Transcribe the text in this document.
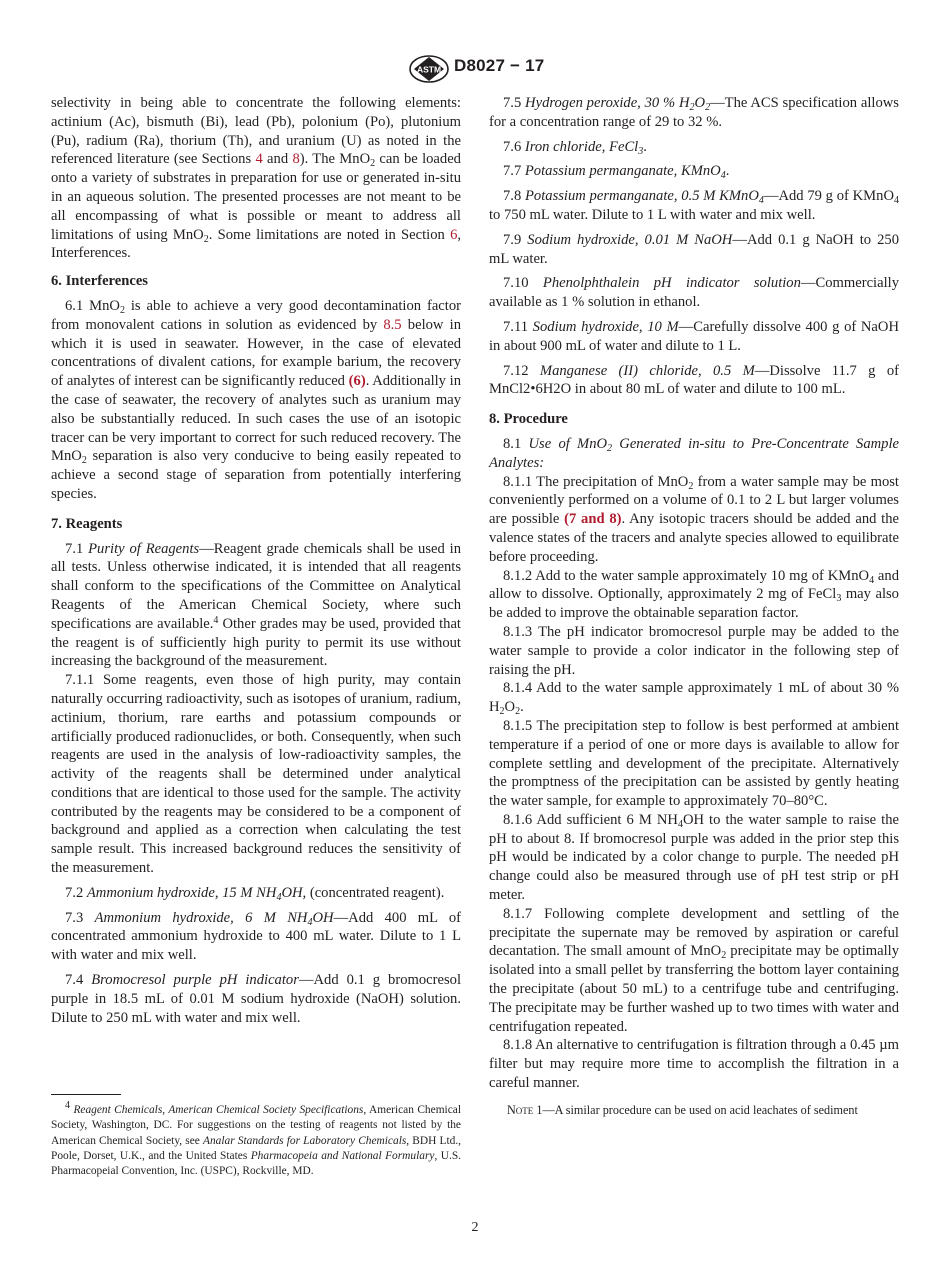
ASTM D8027 − 17

selectivity in being able to concentrate the following elements: actinium (Ac), bismuth (Bi), lead (Pb), polonium (Po), plutonium (Pu), radium (Ra), thorium (Th), and uranium (U) as noted in the referenced literature (see Sections 4 and 8). The MnO$_2$ can be loaded onto a variety of substrates in preparation for use or generated in-situ in an aqueous solution. The presented processes are not meant to be all encompassing of what is possible or meant to address all limitations of using MnO$_2$. Some limitations are noted in Section 6, Interferences.

6. Interferences

6.1 MnO$_2$ is able to achieve a very good decontamination factor from monovalent cations in solution as evidenced by 8.5 below in which it is used in seawater. However, in the case of elevated concentrations of divalent cations, for example barium, the recovery of analytes of interest can be significantly reduced (6). Additionally in the case of seawater, the recovery of analytes such as uranium may also be substantially reduced. In such cases the use of an isotopic tracer can be very important to correct for such reduced recovery. The MnO$_2$ separation is also very conducive to being easily repeated to achieve a second stage of separation from potentially interfering species.

7. Reagents

7.1 Purity of Reagents—Reagent grade chemicals shall be used in all tests. Unless otherwise indicated, it is intended that all reagents shall conform to the specifications of the Committee on Analytical Reagents of the American Chemical Society, where such specifications are available.$^4$ Other grades may be used, provided that the reagent is of sufficiently high purity to permit its use without increasing the background of the measurement.

7.1.1 Some reagents, even those of high purity, may contain naturally occurring radioactivity, such as isotopes of uranium, radium, actinium, thorium, rare earths and potassium compounds or artificially produced radionuclides, or both. Consequently, when such reagents are used in the analysis of low-radioactivity samples, the activity of the reagents shall be determined under analytical conditions that are identical to those used for the sample. The activity contributed by the reagents may be considered to be a component of background and applied as a correction when calculating the test sample result. This increased background reduces the sensitivity of the measurement.

7.2 Ammonium hydroxide, 15 M $NH_4OH$, (concentrated reagent).

7.3 Ammonium hydroxide, 6 M $NH_4OH—Add$ 400 mL of concentrated ammonium hydroxide to 400 mL water. Dilute to 1 L with water and mix well.

7.4 Bromocresol purple pH indicator—Add 0.1 g bromocresol purple in 18.5 mL of 0.01 M sodium hydroxide (NaOH) solution. Dilute to 250 mL with water and mix well.

$^4$ Reagent Chemicals, American Chemical Society Specifications, American Chemical Society, Washington, DC. For suggestions on the testing of reagents not listed by the American Chemical Society, see Analar Standards for Laboratory Chemicals, BDH Ltd., Poole, Dorset, U.K., and the United States Pharmacopeia and National Formulary, U.S. Pharmacopeial Convention, Inc. (USPC), Rockville, MD.

7.5 Hydrogen peroxide, 30 % $H_2O_2—The$ ACS specification allows for a concentration range of 29 to 32 %.

7.6 Iron chloride, FeCl$_3$.

7.7 Potassium permanganate, KMnO$_4$.

7.8 Potassium permanganate, 0.5 M KMnO$_4$—Add 79 g of KMnO$_4$ to 750 mL water. Dilute to 1 L with water and mix well.

7.9 Sodium hydroxide, 0.01 M NaOH—Add 0.1 g NaOH to 250 mL water.

7.10 Phenolphthalein pH indicator solution—Commercially available as 1 % solution in ethanol.

7.11 Sodium hydroxide, 10 M—Carefully dissolve 400 g of NaOH in about 900 mL of water and dilute to 1 L.

7.12 Manganese (II) chloride, 0.5 M—Dissolve 11.7 g of MnCl2•6H2O in about 80 mL of water and dilute to 100 mL.

8. Procedure

8.1 Use of MnO$_2$ Generated in-situ to Pre-Concentrate Sample Analytes:

8.1.1 The precipitation of MnO$_2$ from a water sample may be most conveniently performed on a volume of 0.1 to 2 L but larger volumes are possible (7 and 8). Any isotopic tracers should be added and the valence states of the tracers and analyte species allowed to equilibrate before proceeding.

8.1.2 Add to the water sample approximately 10 mg of KMnO$_4$ and allow to dissolve. Optionally, approximately 2 mg of FeCl$_3$ may also be added to improve the obtainable separation factor.

8.1.3 The pH indicator bromocresol purple may be added to the water sample to provide a color indicator in the following step of raising the pH.

8.1.4 Add to the water sample approximately 1 mL of about 30 % $H_2O_2$.

8.1.5 The precipitation step to follow is best performed at ambient temperature if a period of one or more days is available to allow for complete settling and development of the precipitate. Alternatively the promptness of the precipitation can be assisted by gently heating the water sample, for example to approximately 70–80°C.

8.1.6 Add sufficient 6 M $NH_4OH$ to the water sample to raise the pH to about 8. If bromocresol purple was added in the prior step this pH would be indicated by a color change to purple. The needed pH change could also be measured through use of pH test strip or pH meter.

8.1.7 Following complete development and settling of the precipitate the supernate may be removed by aspiration or careful decantation. The small amount of MnO$_2$ precipitate may be optimally isolated into a small pellet by transferring the bottom layer containing the precipitate (about 50 mL) to a centrifuge tube and centrifuging. The precipitate may be further washed up to two times with water and centrifugation repeated.

8.1.8 An alternative to centrifugation is filtration through a 0.45 µm filter but may require more time to accomplish the filtration in a careful manner.

Note 1—A similar procedure can be used on acid leachates of sediment

2
